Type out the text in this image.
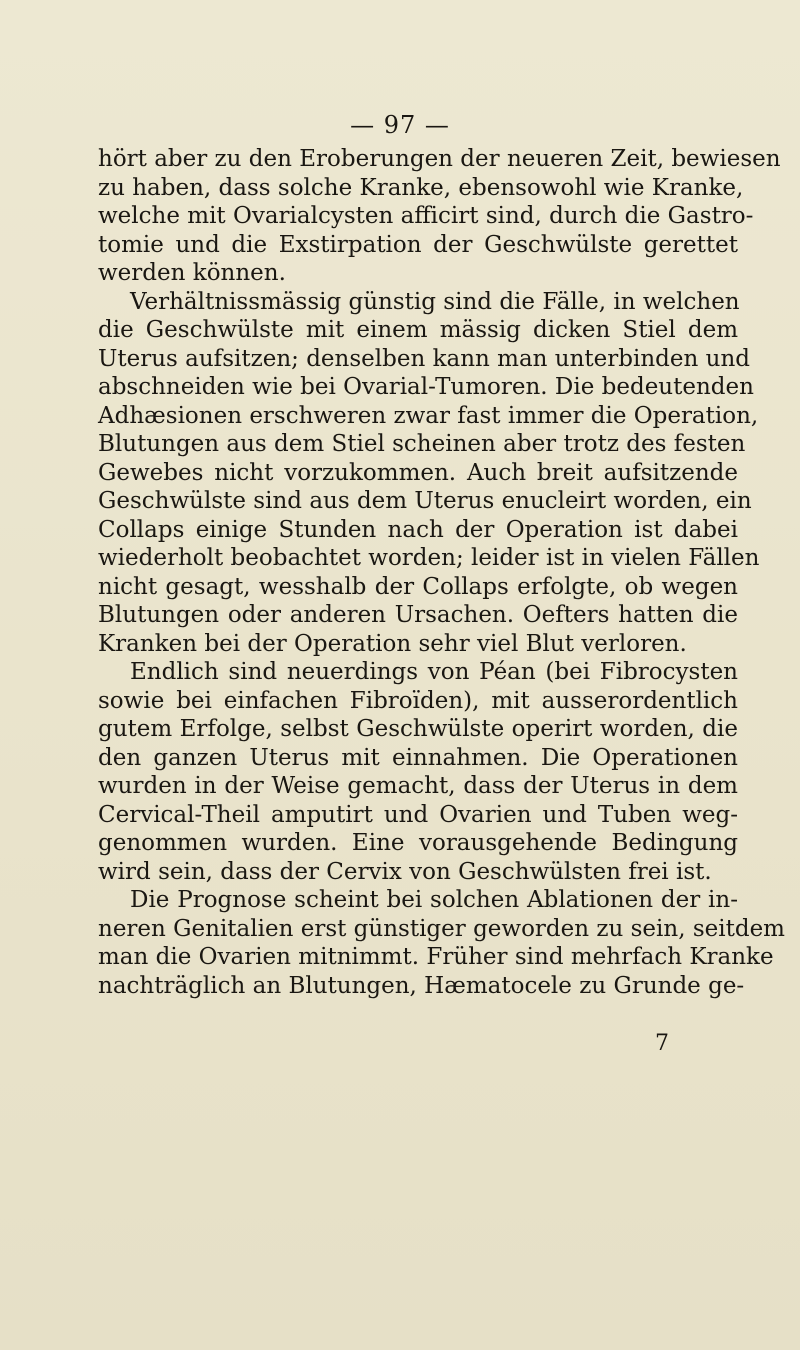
— 97 —
hört aber zu den Eroberungen der neueren Zeit, bewiesen
zu haben, dass solche Kranke, ebensowohl wie Kranke,
welche mit Ovarialcysten afficirt sind, durch die Gastro-
tomie und die Exstirpation der Geschwülste gerettet
werden können.
Verhältnissmässig günstig sind die Fälle, in welchen
die Geschwülste mit einem mässig dicken Stiel dem
Uterus aufsitzen; denselben kann man unterbinden und
abschneiden wie bei Ovarial-Tumoren. Die bedeutenden
Adhæsionen erschweren zwar fast immer die Operation,
Blutungen aus dem Stiel scheinen aber trotz des festen
Gewebes nicht vorzukommen. Auch breit aufsitzende
Geschwülste sind aus dem Uterus enucleirt worden, ein
Collaps einige Stunden nach der Operation ist dabei
wiederholt beobachtet worden; leider ist in vielen Fällen
nicht gesagt, wesshalb der Collaps erfolgte, ob wegen
Blutungen oder anderen Ursachen. Oefters hatten die
Kranken bei der Operation sehr viel Blut verloren.
Endlich sind neuerdings von Péan (bei Fibrocysten
sowie bei einfachen Fibroïden), mit ausserordentlich
gutem Erfolge, selbst Geschwülste operirt worden, die
den ganzen Uterus mit einnahmen. Die Operationen
wurden in der Weise gemacht, dass der Uterus in dem
Cervical-Theil amputirt und Ovarien und Tuben weg-
genommen wurden. Eine vorausgehende Bedingung
wird sein, dass der Cervix von Geschwülsten frei ist.
Die Prognose scheint bei solchen Ablationen der in-
neren Genitalien erst günstiger geworden zu sein, seitdem
man die Ovarien mitnimmt. Früher sind mehrfach Kranke
nachträglich an Blutungen, Hæmatocele zu Grunde ge-
7
